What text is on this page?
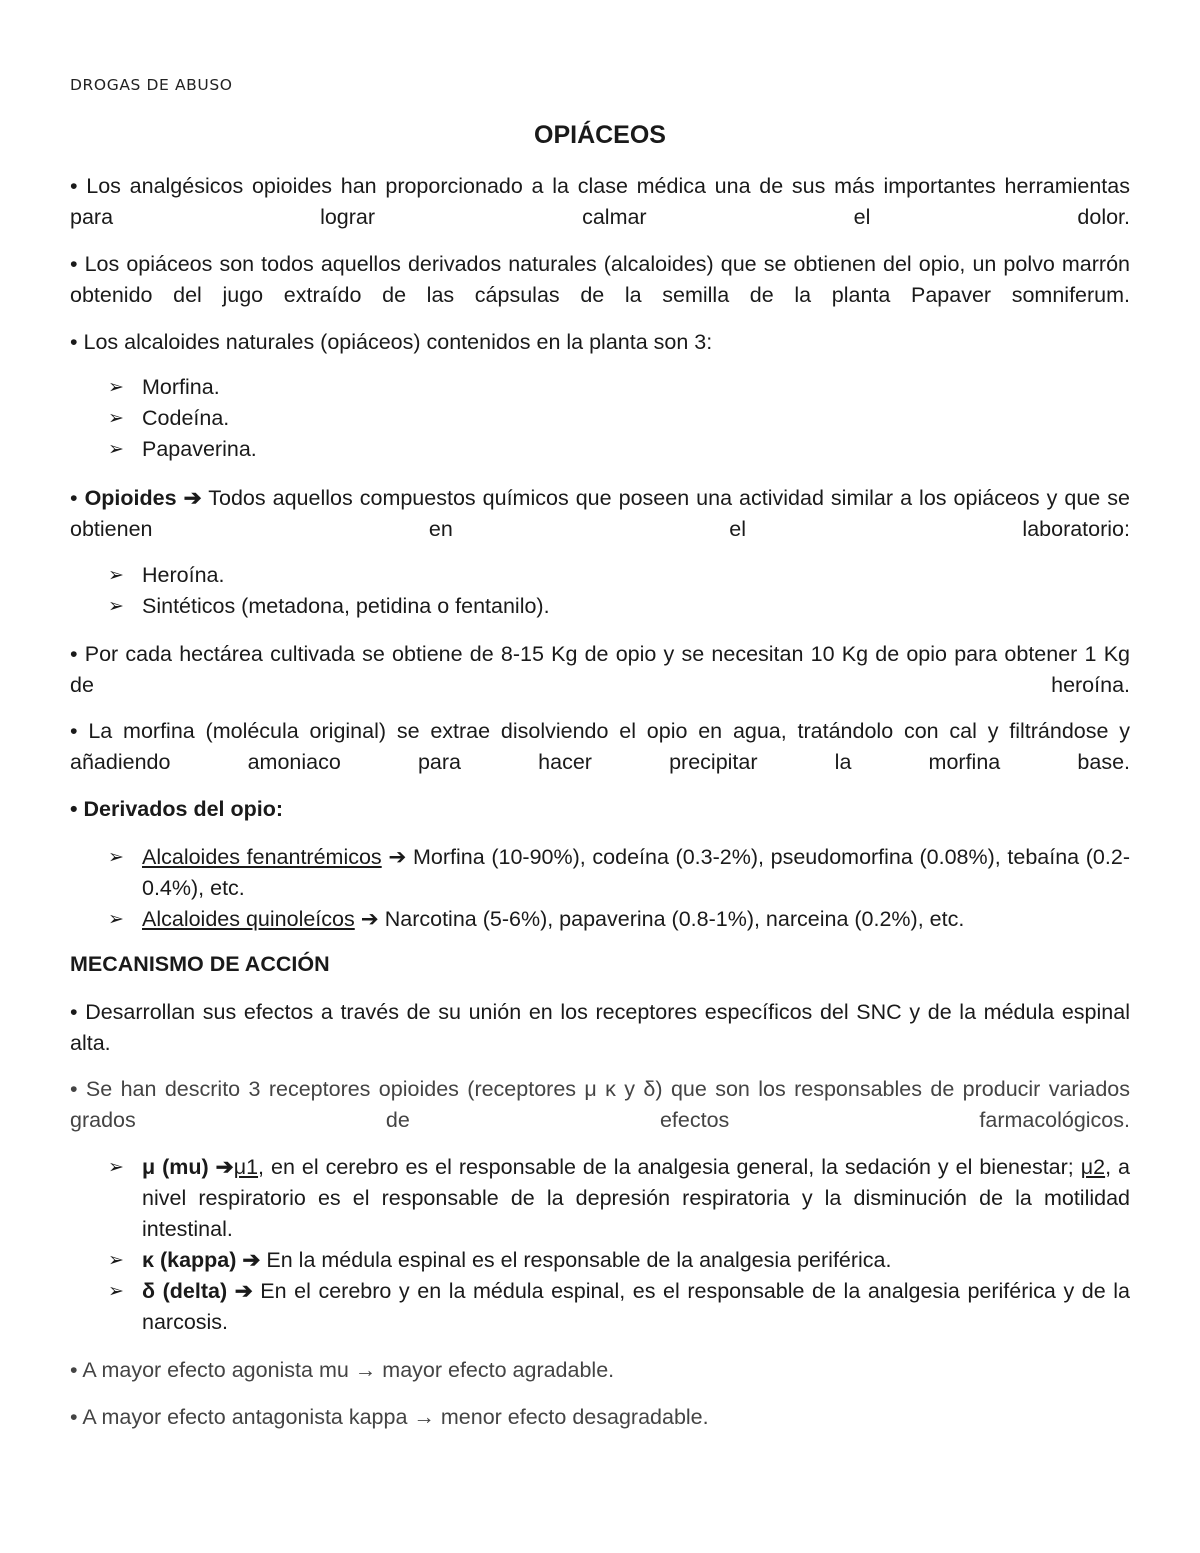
DROGAS DE ABUSO
OPIÁCEOS
• Los analgésicos opioides han proporcionado a la clase médica una de sus más importantes herramientas para lograr calmar el dolor.
• Los opiáceos son todos aquellos derivados naturales (alcaloides) que se obtienen del opio, un polvo marrón obtenido del jugo extraído de las cápsulas de la semilla de la planta Papaver somniferum.
• Los alcaloides naturales (opiáceos) contenidos en la planta son 3:
➢ Morfina.
➢ Codeína.
➢ Papaverina.
• Opioides ➔ Todos aquellos compuestos químicos que poseen una actividad similar a los opiáceos y que se obtienen en el laboratorio:
➢ Heroína.
➢ Sintéticos (metadona, petidina o fentanilo).
• Por cada hectárea cultivada se obtiene de 8-15 Kg de opio y se necesitan 10 Kg de opio para obtener 1 Kg de heroína.
• La morfina (molécula original) se extrae disolviendo el opio en agua, tratándolo con cal y filtrándose y añadiendo amoniaco para hacer precipitar la morfina base.
• Derivados del opio:
➢ Alcaloides fenantrémicos ➔ Morfina (10-90%), codeína (0.3-2%), pseudomorfina (0.08%), tebaína (0.2-0.4%), etc.
➢ Alcaloides quinoleícos ➔ Narcotina (5-6%), papaverina (0.8-1%), narceina (0.2%), etc.
MECANISMO DE ACCIÓN
• Desarrollan sus efectos a través de su unión en los receptores específicos del SNC y de la médula espinal alta.
• Se han descrito 3 receptores opioides (receptores μ κ y δ) que son los responsables de producir variados grados de efectos farmacológicos.
➢ μ (mu) ➔μ1, en el cerebro es el responsable de la analgesia general, la sedación y el bienestar; μ2, a nivel respiratorio es el responsable de la depresión respiratoria y la disminución de la motilidad intestinal.
➢ κ (kappa) ➔ En la médula espinal es el responsable de la analgesia periférica.
➢ δ (delta) ➔ En el cerebro y en la médula espinal, es el responsable de la analgesia periférica y de la narcosis.
• A mayor efecto agonista mu → mayor efecto agradable.
• A mayor efecto antagonista kappa → menor efecto desagradable.
